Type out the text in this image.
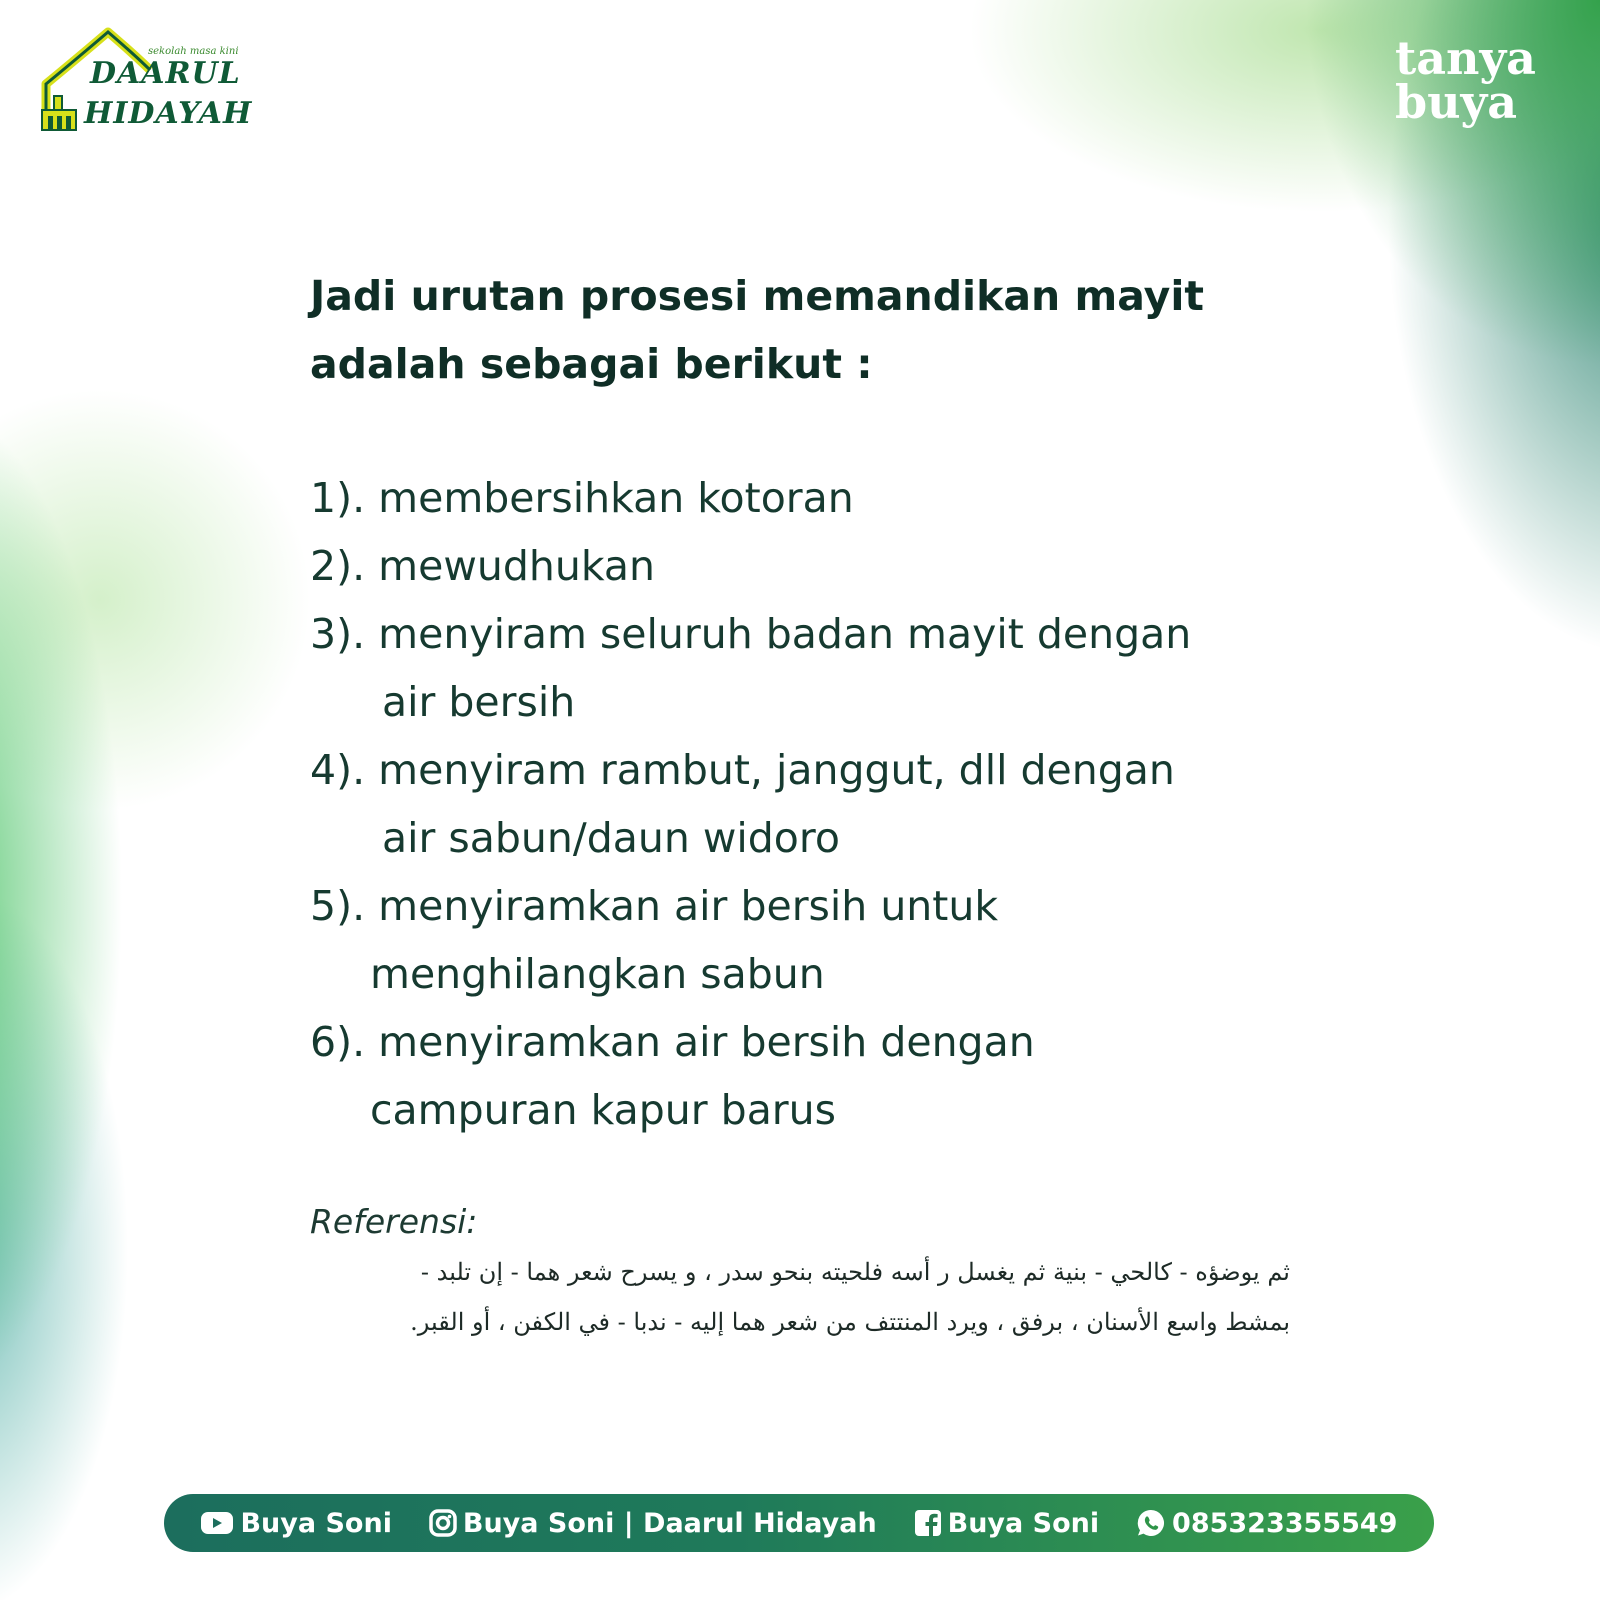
sekolah masa kini
DAARUL
HIDAYAH
tanya
buya
Jadi urutan prosesi memandikan mayit
adalah sebagai berikut :
1). membersihkan kotoran
2). mewudhukan
3). menyiram seluruh badan mayit dengan
air bersih
4). menyiram rambut, janggut, dll dengan
air sabun/daun widoro
5). menyiramkan air bersih untuk
menghilangkan sabun
6). menyiramkan air bersih dengan
campuran kapur barus
Referensi:
ثم يوضؤه - كالحي - بنية ثم يغسل ر أسه فلحيته بنحو سدر ، و يسرح شعر هما - إن تلبد -
بمشط واسع الأسنان ، برفق ، ويرد المنتتف من شعر هما إليه - ندبا - في الكفن ، أو القبر.
Buya Soni	Buya Soni | Daarul Hidayah	Buya Soni	085323355549
